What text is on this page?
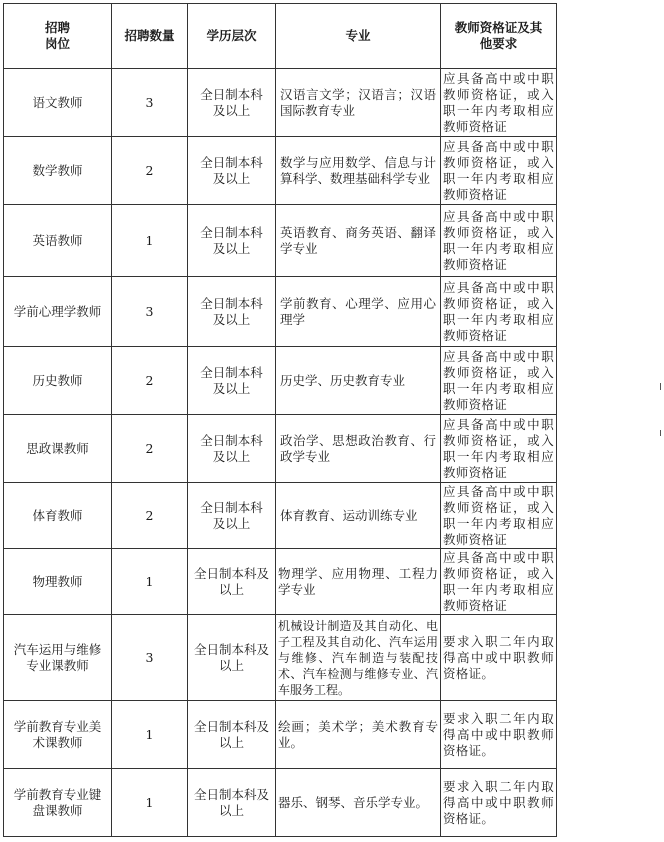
招聘
岗位	招聘数量	学历层次	专业	教师资格证及其他要求
语文教师	3	全日制本科及以上	汉语言文学；汉语言；汉语国际教育专业	应具备高中或中职教师资格证，或入职一年内考取相应教师资格证
数学教师	2	全日制本科及以上	数学与应用数学、信息与计算科学、数理基础科学专业	应具备高中或中职教师资格证，或入职一年内考取相应教师资格证
英语教师	1	全日制本科及以上	英语教育、商务英语、翻译学专业	应具备高中或中职教师资格证，或入职一年内考取相应教师资格证
学前心理学教师	3	全日制本科及以上	学前教育、心理学、应用心理学	应具备高中或中职教师资格证，或入职一年内考取相应教师资格证
历史教师	2	全日制本科及以上	历史学、历史教育专业	应具备高中或中职教师资格证，或入职一年内考取相应教师资格证
思政课教师	2	全日制本科及以上	政治学、思想政治教育、行政学专业	应具备高中或中职教师资格证，或入职一年内考取相应教师资格证
体育教师	2	全日制本科及以上	体育教育、运动训练专业	应具备高中或中职教师资格证，或入职一年内考取相应教师资格证
物理教师	1	全日制本科及以上	物理学、应用物理、工程力学专业	应具备高中或中职教师资格证，或入职一年内考取相应教师资格证
汽车运用与维修专业课教师	3	全日制本科及以上	机械设计制造及其自动化、电子工程及其自动化、汽车运用与维修、汽车制造与装配技术、汽车检测与维修专业、汽车服务工程。	要求入职二年内取得高中或中职教师资格证。
学前教育专业美术课教师	1	全日制本科及以上	绘画；美术学；美术教育专业。	要求入职二年内取得高中或中职教师资格证。
学前教育专业键盘课教师	1	全日制本科及以上	器乐、钢琴、音乐学专业。	要求入职二年内取得高中或中职教师资格证。
